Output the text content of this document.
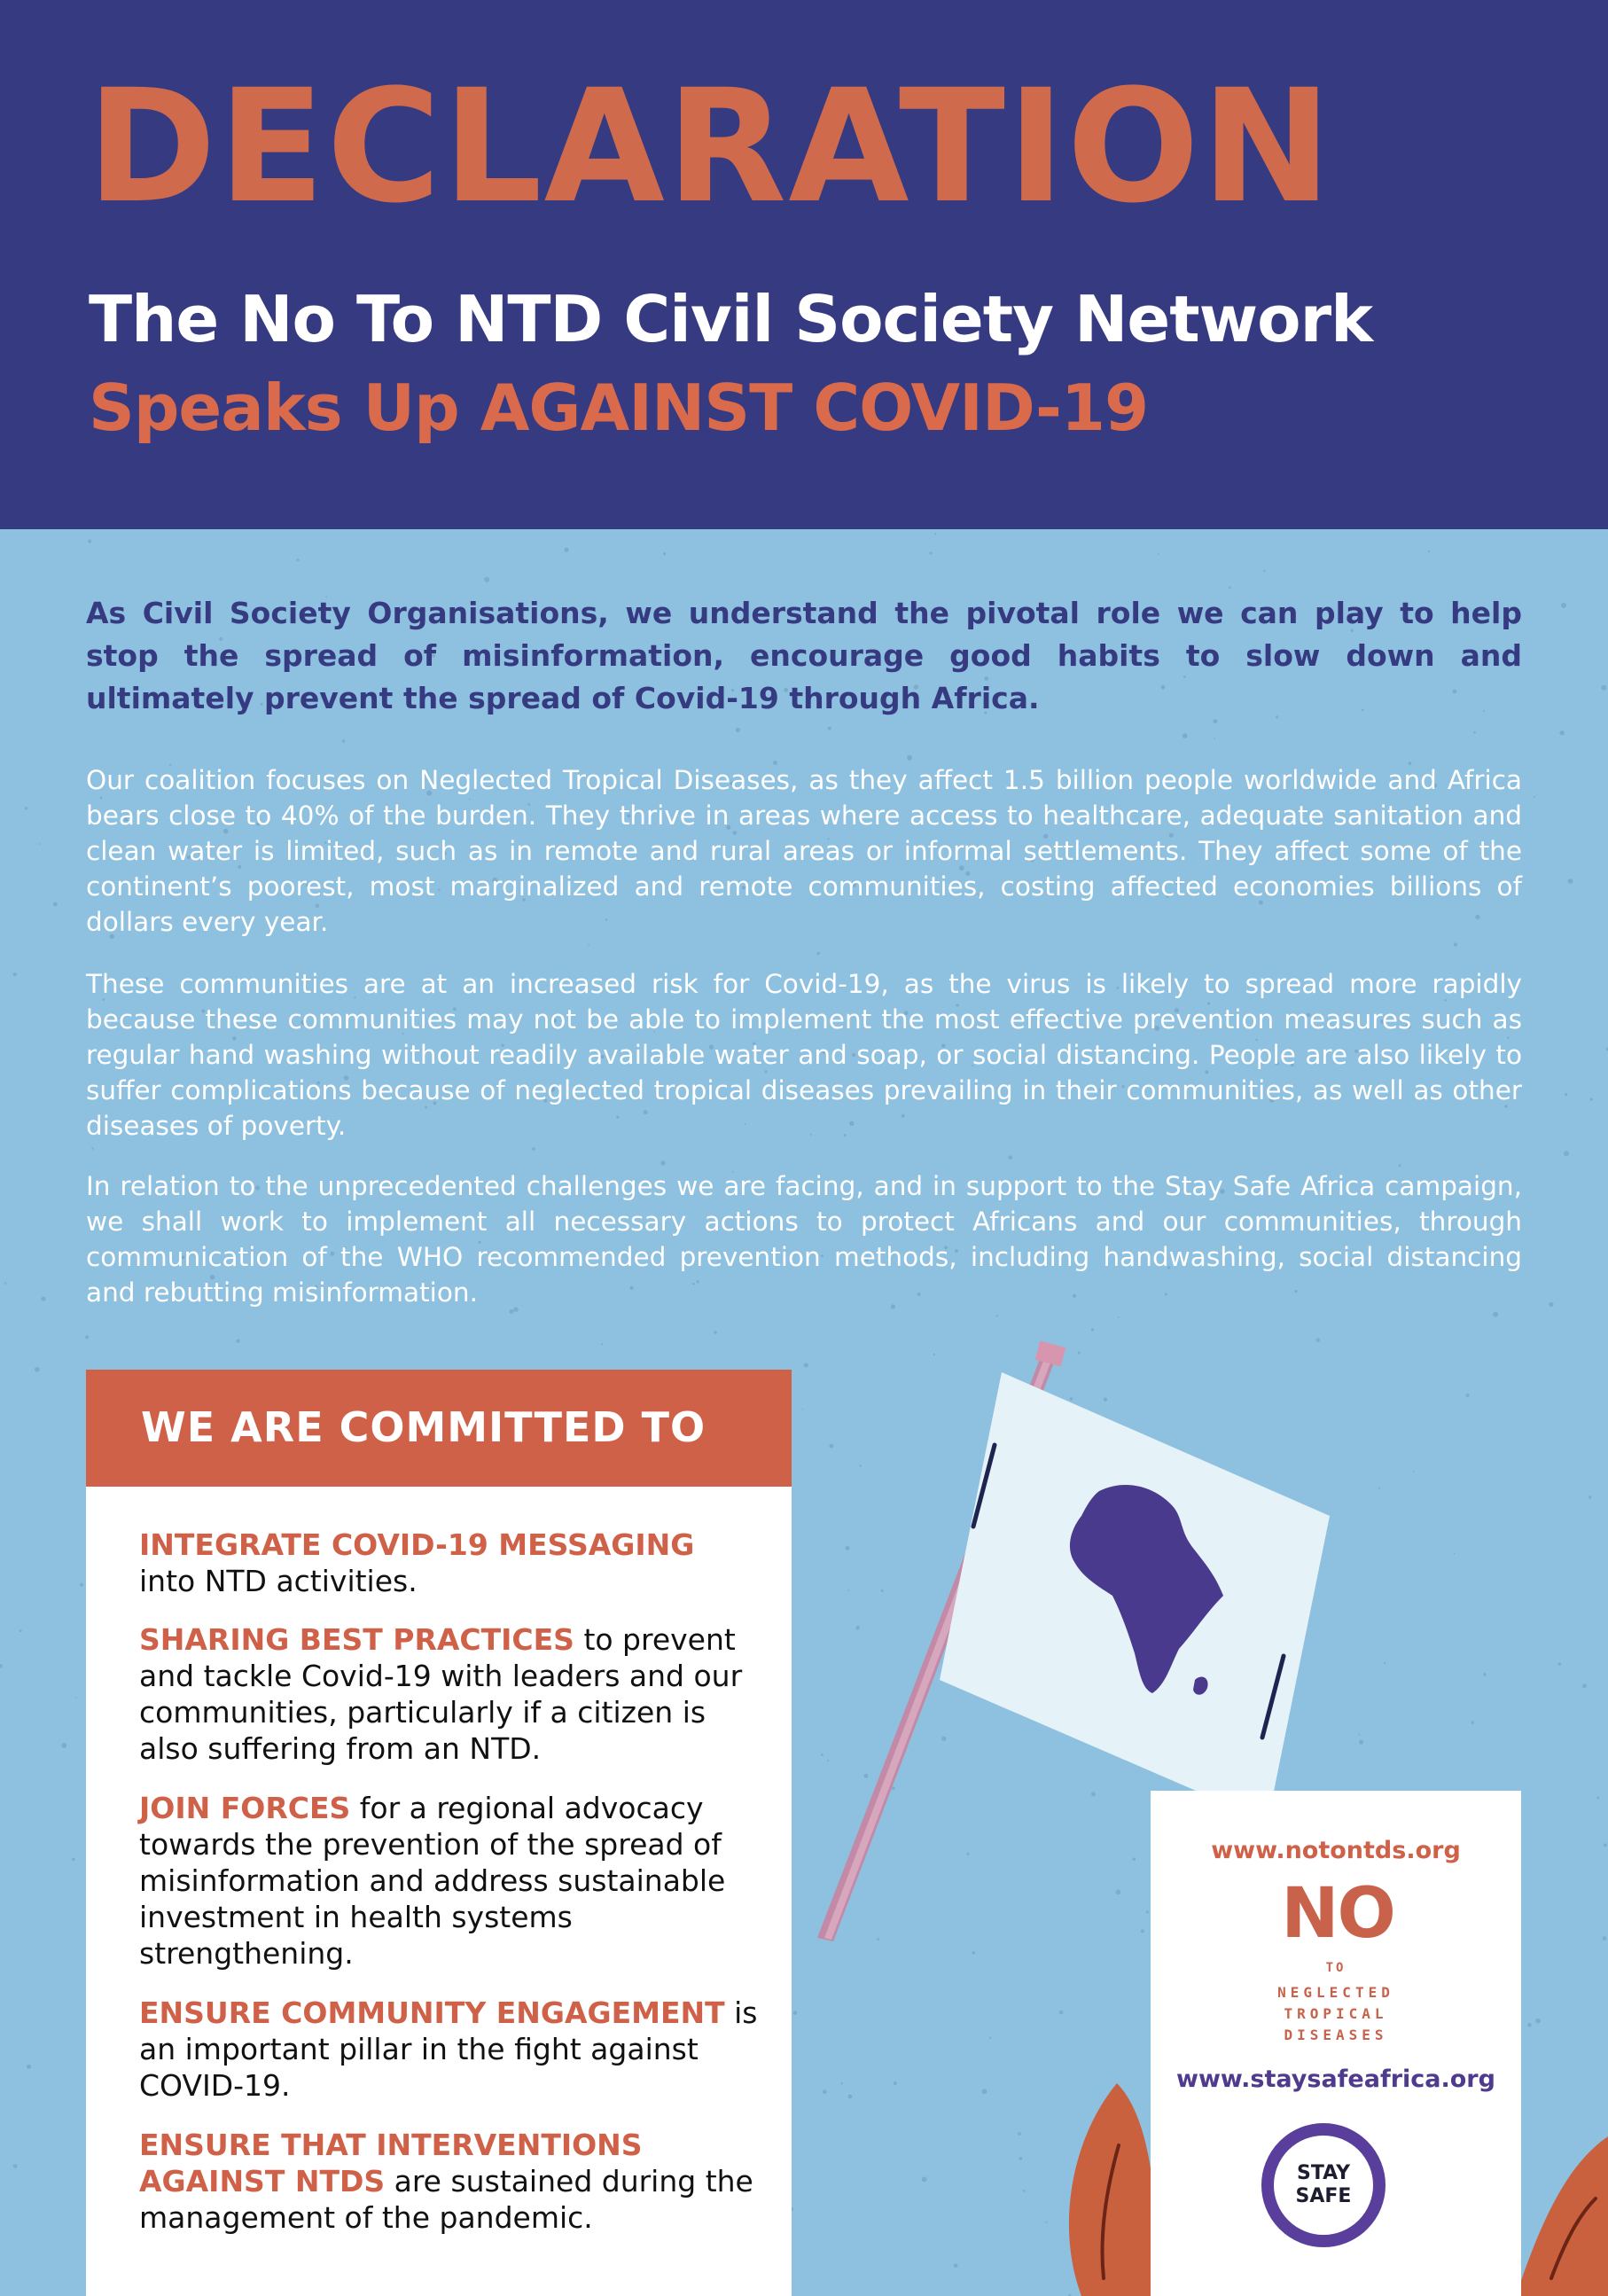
DECLARATION
The No To NTD Civil Society Network
Speaks Up AGAINST COVID-19

As Civil Society Organisations, we understand the pivotal role we can play to help stop the spread of misinformation, encourage good habits to slow down and ultimately prevent the spread of Covid-19 through Africa.

Our coalition focuses on Neglected Tropical Diseases, as they affect 1.5 billion people worldwide and Africa bears close to 40% of the burden. They thrive in areas where access to healthcare, adequate sanitation and clean water is limited, such as in remote and rural areas or informal settlements. They affect some of the continent’s poorest, most marginalized and remote communities, costing affected economies billions of dollars every year.

These communities are at an increased risk for Covid-19, as the virus is likely to spread more rapidly because these communities may not be able to implement the most effective prevention measures such as regular hand washing without readily available water and soap, or social distancing. People are also likely to suffer complications because of neglected tropical diseases prevailing in their communities, as well as other diseases of poverty.

In relation to the unprecedented challenges we are facing, and in support to the Stay Safe Africa campaign, we shall work to implement all necessary actions to protect Africans and our communities, through communication of the WHO recommended prevention methods, including handwashing, social distancing and rebutting misinformation.

WE ARE COMMITTED TO

INTEGRATE COVID-19 MESSAGING into NTD activities.

SHARING BEST PRACTICES to prevent and tackle Covid-19 with leaders and our communities, particularly if a citizen is also suffering from an NTD.

JOIN FORCES for a regional advocacy towards the prevention of the spread of misinformation and address sustainable investment in health systems strengthening.

ENSURE COMMUNITY ENGAGEMENT is an important pillar in the fight against COVID-19.

ENSURE THAT INTERVENTIONS AGAINST NTDS are sustained during the management of the pandemic.

www.notontds.org

NO

TO

NEGLECTED

TROPICAL

DISEASES

www.staysafeafrica.org

STAY
SAFE
